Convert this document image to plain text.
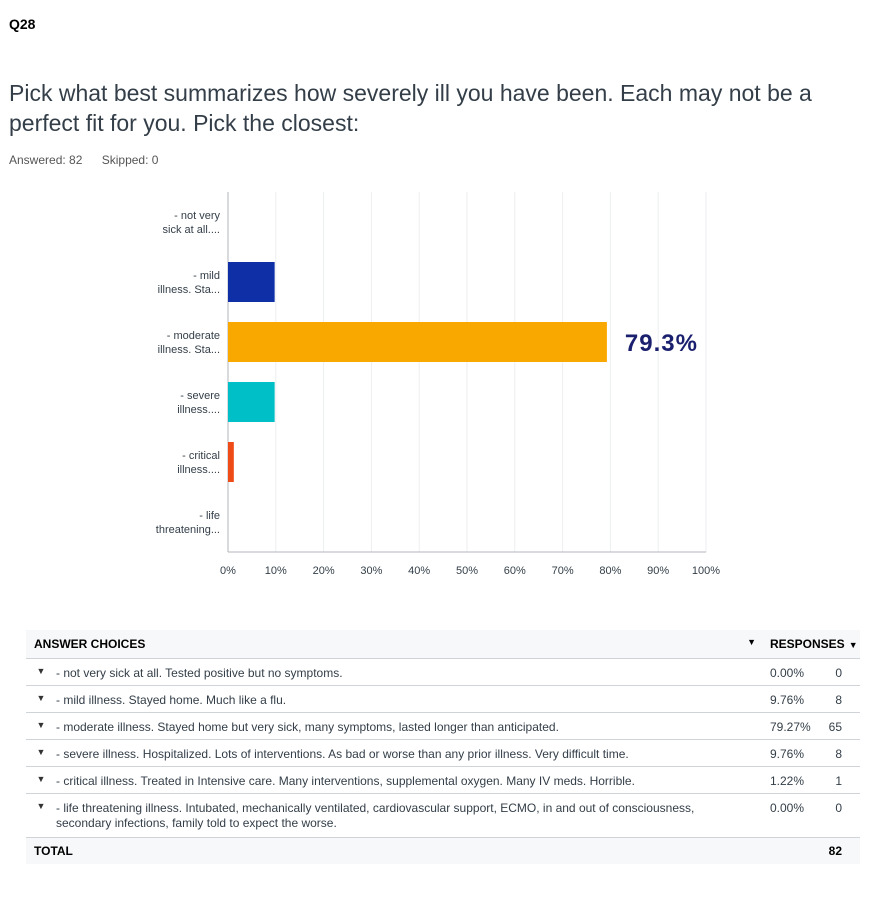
Q28
Pick what best summarizes how severely ill you have been. Each may not be a perfect fit for you. Pick the closest:
Answered: 82 Skipped: 0
0%	10% 20% 30% 40% 50% 60% 70% 80% 90% 100%
- not very
sick at all....
- mild
illness. Sta...
- moderate
illness. Sta...	79.3%
- severe
illness....
- critical
illness....
- life
threatening...
ANSWER CHOICES ▼		RESPONSES ▼	
▼	- not very sick at all. Tested positive but no symptoms.	0.00%	0
▼	- mild illness. Stayed home. Much like a flu.	9.76%	8
▼	- moderate illness. Stayed home but very sick, many symptoms, lasted longer than anticipated.	79.27%	65
▼	- severe illness. Hospitalized. Lots of interventions. As bad or worse than any prior illness. Very difficult time.	9.76%	8
▼	- critical illness. Treated in Intensive care. Many interventions, supplemental oxygen. Many IV meds. Horrible.	1.22%	1
▼	- life threatening illness. Intubated, mechanically ventilated, cardiovascular support, ECMO, in and out of consciousness, secondary infections, family told to expect the worse.	0.00%	0
TOTAL			82
